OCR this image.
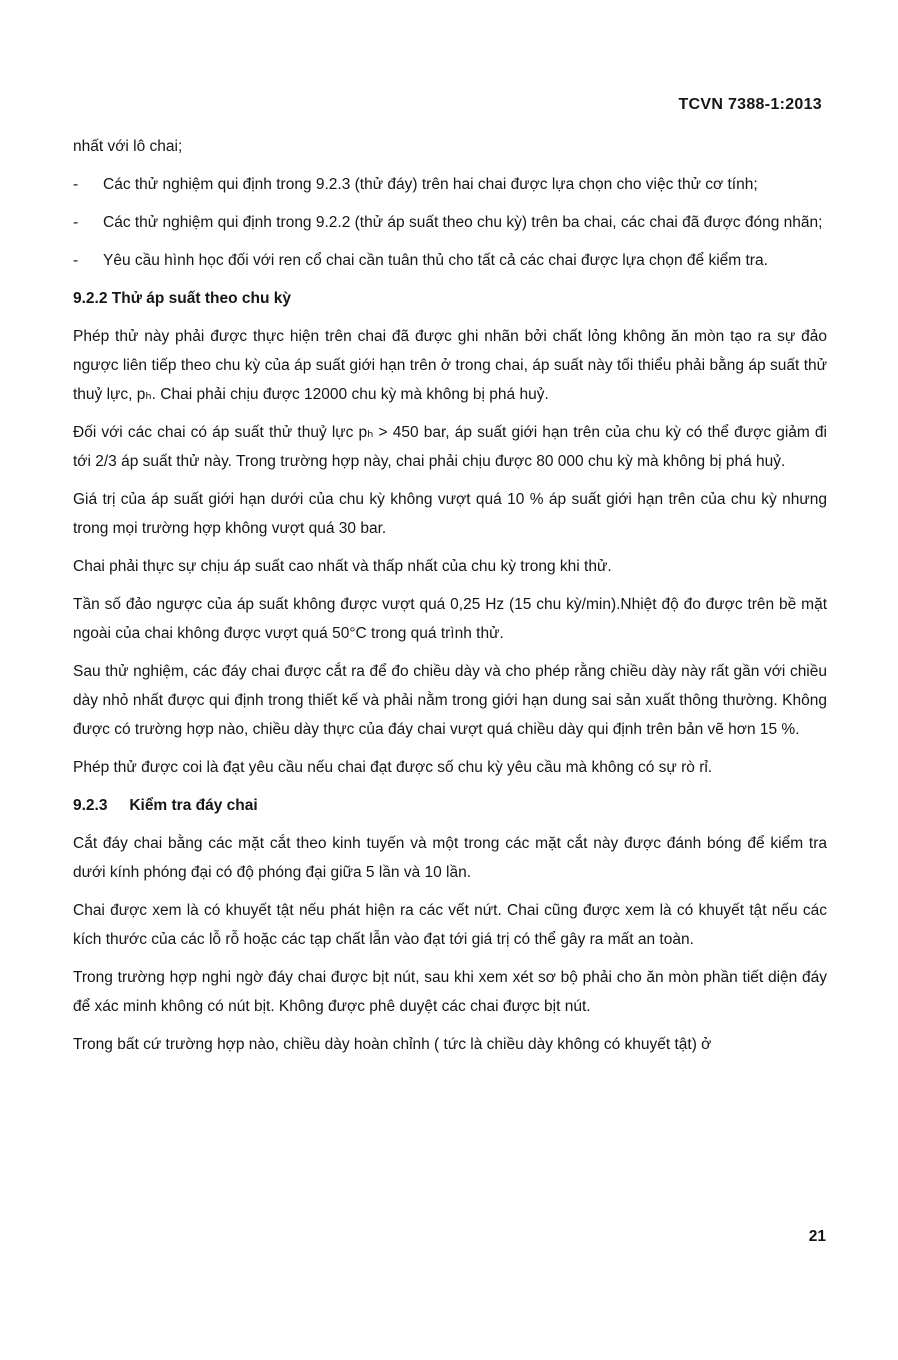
TCVN 7388-1:2013

nhất với lô chai;

-	Các thử nghiệm qui định trong 9.2.3 (thử đáy) trên hai chai được lựa chọn cho việc thử cơ tính;
-	Các thử nghiệm qui định trong 9.2.2 (thử áp suất theo chu kỳ) trên ba chai, các chai đã được đóng nhãn;
-	Yêu cầu hình học đối với ren cổ chai cần tuân thủ cho tất cả các chai được lựa chọn để kiểm tra.
9.2.2 Thử áp suất theo chu kỳ

Phép thử này phải được thực hiện trên chai đã được ghi nhãn bởi chất lỏng không ăn mòn tạo ra sự đảo ngược liên tiếp theo chu kỳ của áp suất giới hạn trên ở trong chai, áp suất này tối thiểu phải bằng áp suất thử thuỷ lực, pₕ. Chai phải chịu được 12000 chu kỳ mà không bị phá huỷ.

Đối với các chai có áp suất thử thuỷ lực pₕ > 450 bar, áp suất giới hạn trên của chu kỳ có thể được giảm đi tới 2/3 áp suất thử này. Trong trường hợp này, chai phải chịu được 80 000 chu kỳ mà không bị phá huỷ.

Giá trị của áp suất giới hạn dưới của chu kỳ không vượt quá 10 % áp suất giới hạn trên của chu kỳ nhưng trong mọi trường hợp không vượt quá 30 bar.

Chai phải thực sự chịu áp suất cao nhất và thấp nhất của chu kỳ trong khi thử.

Tần số đảo ngược của áp suất không được vượt quá 0,25 Hz (15 chu kỳ/min).Nhiệt độ đo được trên bề mặt ngoài của chai không được vượt quá 50°C trong quá trình thử.

Sau thử nghiệm, các đáy chai được cắt ra để đo chiều dày và cho phép rằng chiều dày này rất gần với chiều dày nhỏ nhất được qui định trong thiết kế và phải nằm trong giới hạn dung sai sản xuất thông thường. Không được có trường hợp nào, chiều dày thực của đáy chai vượt quá chiều dày qui định trên bản vẽ hơn 15 %.

Phép thử được coi là đạt yêu cầu nếu chai đạt được số chu kỳ yêu cầu mà không có sự rò rỉ.

9.2.3 Kiểm tra đáy chai

Cắt đáy chai bằng các mặt cắt theo kinh tuyến và một trong các mặt cắt này được đánh bóng để kiểm tra dưới kính phóng đại có độ phóng đại giữa 5 lần và 10 lần.

Chai được xem là có khuyết tật nếu phát hiện ra các vết nứt. Chai cũng được xem là có khuyết tật nếu các kích thước của các lỗ rỗ hoặc các tạp chất lẫn vào đạt tới giá trị có thể gây ra mất an toàn.

Trong trường hợp nghi ngờ đáy chai được bịt nút, sau khi xem xét sơ bộ phải cho ăn mòn phần tiết diện đáy để xác minh không có nút bịt. Không được phê duyệt các chai được bịt nút.

Trong bất cứ trường hợp nào, chiều dày hoàn chỉnh ( tức là chiều dày không có khuyết tật) ở

21
